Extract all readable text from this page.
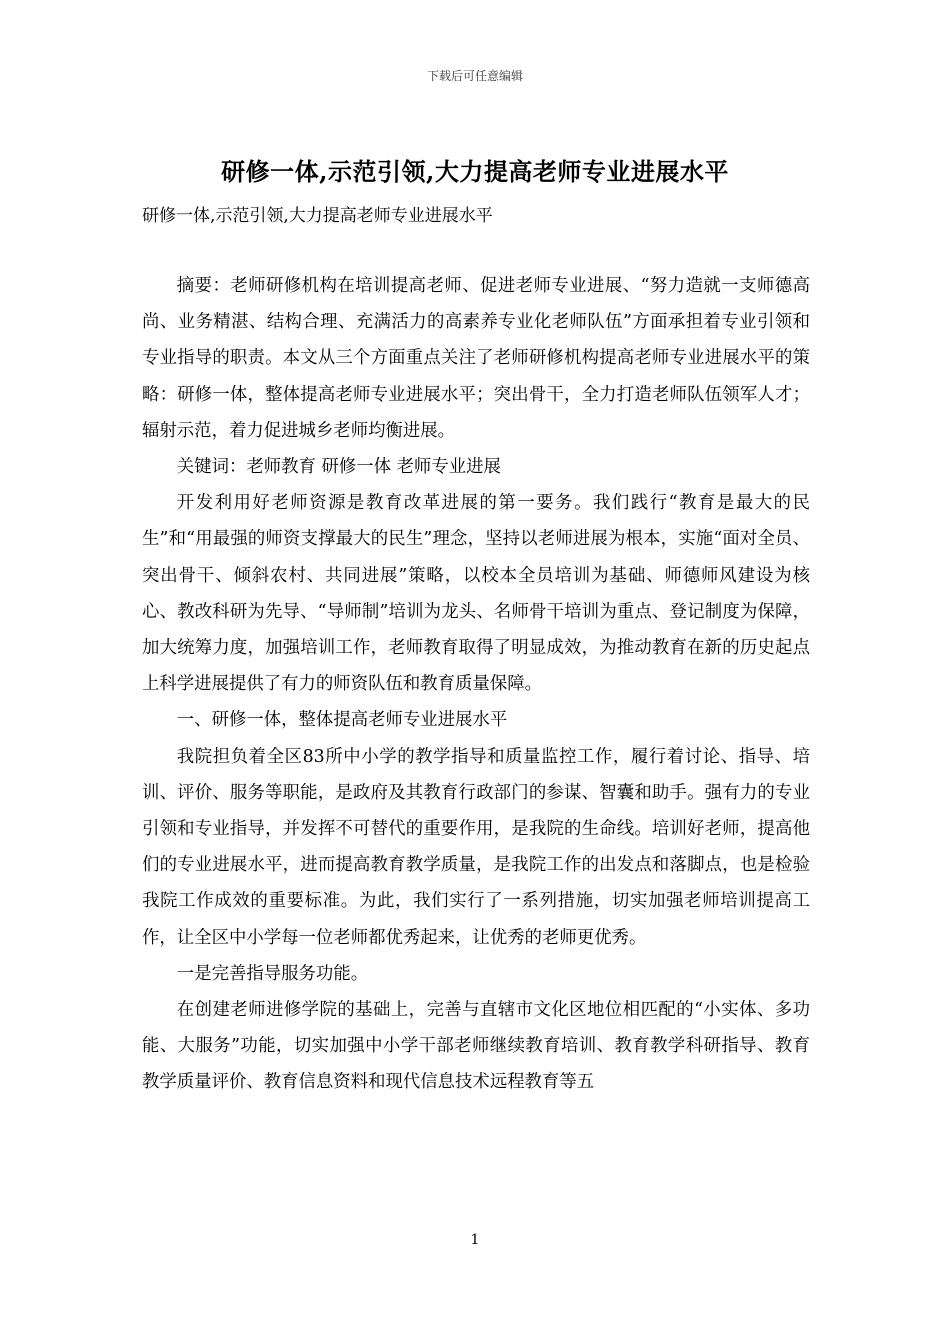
下载后可任意编辑
研修一体,示范引领,大力提高老师专业进展水平
研修一体,示范引领,大力提高老师专业进展水平

摘要：老师研修机构在培训提高老师、促进老师专业进展、“努力造就一支师德高尚、业务精湛、结构合理、充满活力的高素养专业化老师队伍”方面承担着专业引领和专业指导的职责。本文从三个方面重点关注了老师研修机构提高老师专业进展水平的策略：研修一体，整体提高老师专业进展水平；突出骨干，全力打造老师队伍领军人才；辐射示范，着力促进城乡老师均衡进展。

关键词：老师教育 研修一体 老师专业进展

开发利用好老师资源是教育改革进展的第一要务。我们践行“教育是最大的民生”和“用最强的师资支撑最大的民生”理念，坚持以老师进展为根本，实施“面对全员、突出骨干、倾斜农村、共同进展”策略，以校本全员培训为基础、师德师风建设为核心、教改科研为先导、“导师制”培训为龙头、名师骨干培训为重点、登记制度为保障，加大统筹力度，加强培训工作，老师教育取得了明显成效，为推动教育在新的历史起点上科学进展提供了有力的师资队伍和教育质量保障。

一、研修一体，整体提高老师专业进展水平

我院担负着全区83所中小学的教学指导和质量监控工作，履行着讨论、指导、培训、评价、服务等职能，是政府及其教育行政部门的参谋、智囊和助手。强有力的专业引领和专业指导，并发挥不可替代的重要作用，是我院的生命线。培训好老师，提高他们的专业进展水平，进而提高教育教学质量，是我院工作的出发点和落脚点，也是检验我院工作成效的重要标准。为此，我们实行了一系列措施，切实加强老师培训提高工作，让全区中小学每一位老师都优秀起来，让优秀的老师更优秀。

一是完善指导服务功能。

在创建老师进修学院的基础上，完善与直辖市文化区地位相匹配的“小实体、多功能、大服务”功能，切实加强中小学干部老师继续教育培训、教育教学科研指导、教育教学质量评价、教育信息资料和现代信息技术远程教育等五

1
